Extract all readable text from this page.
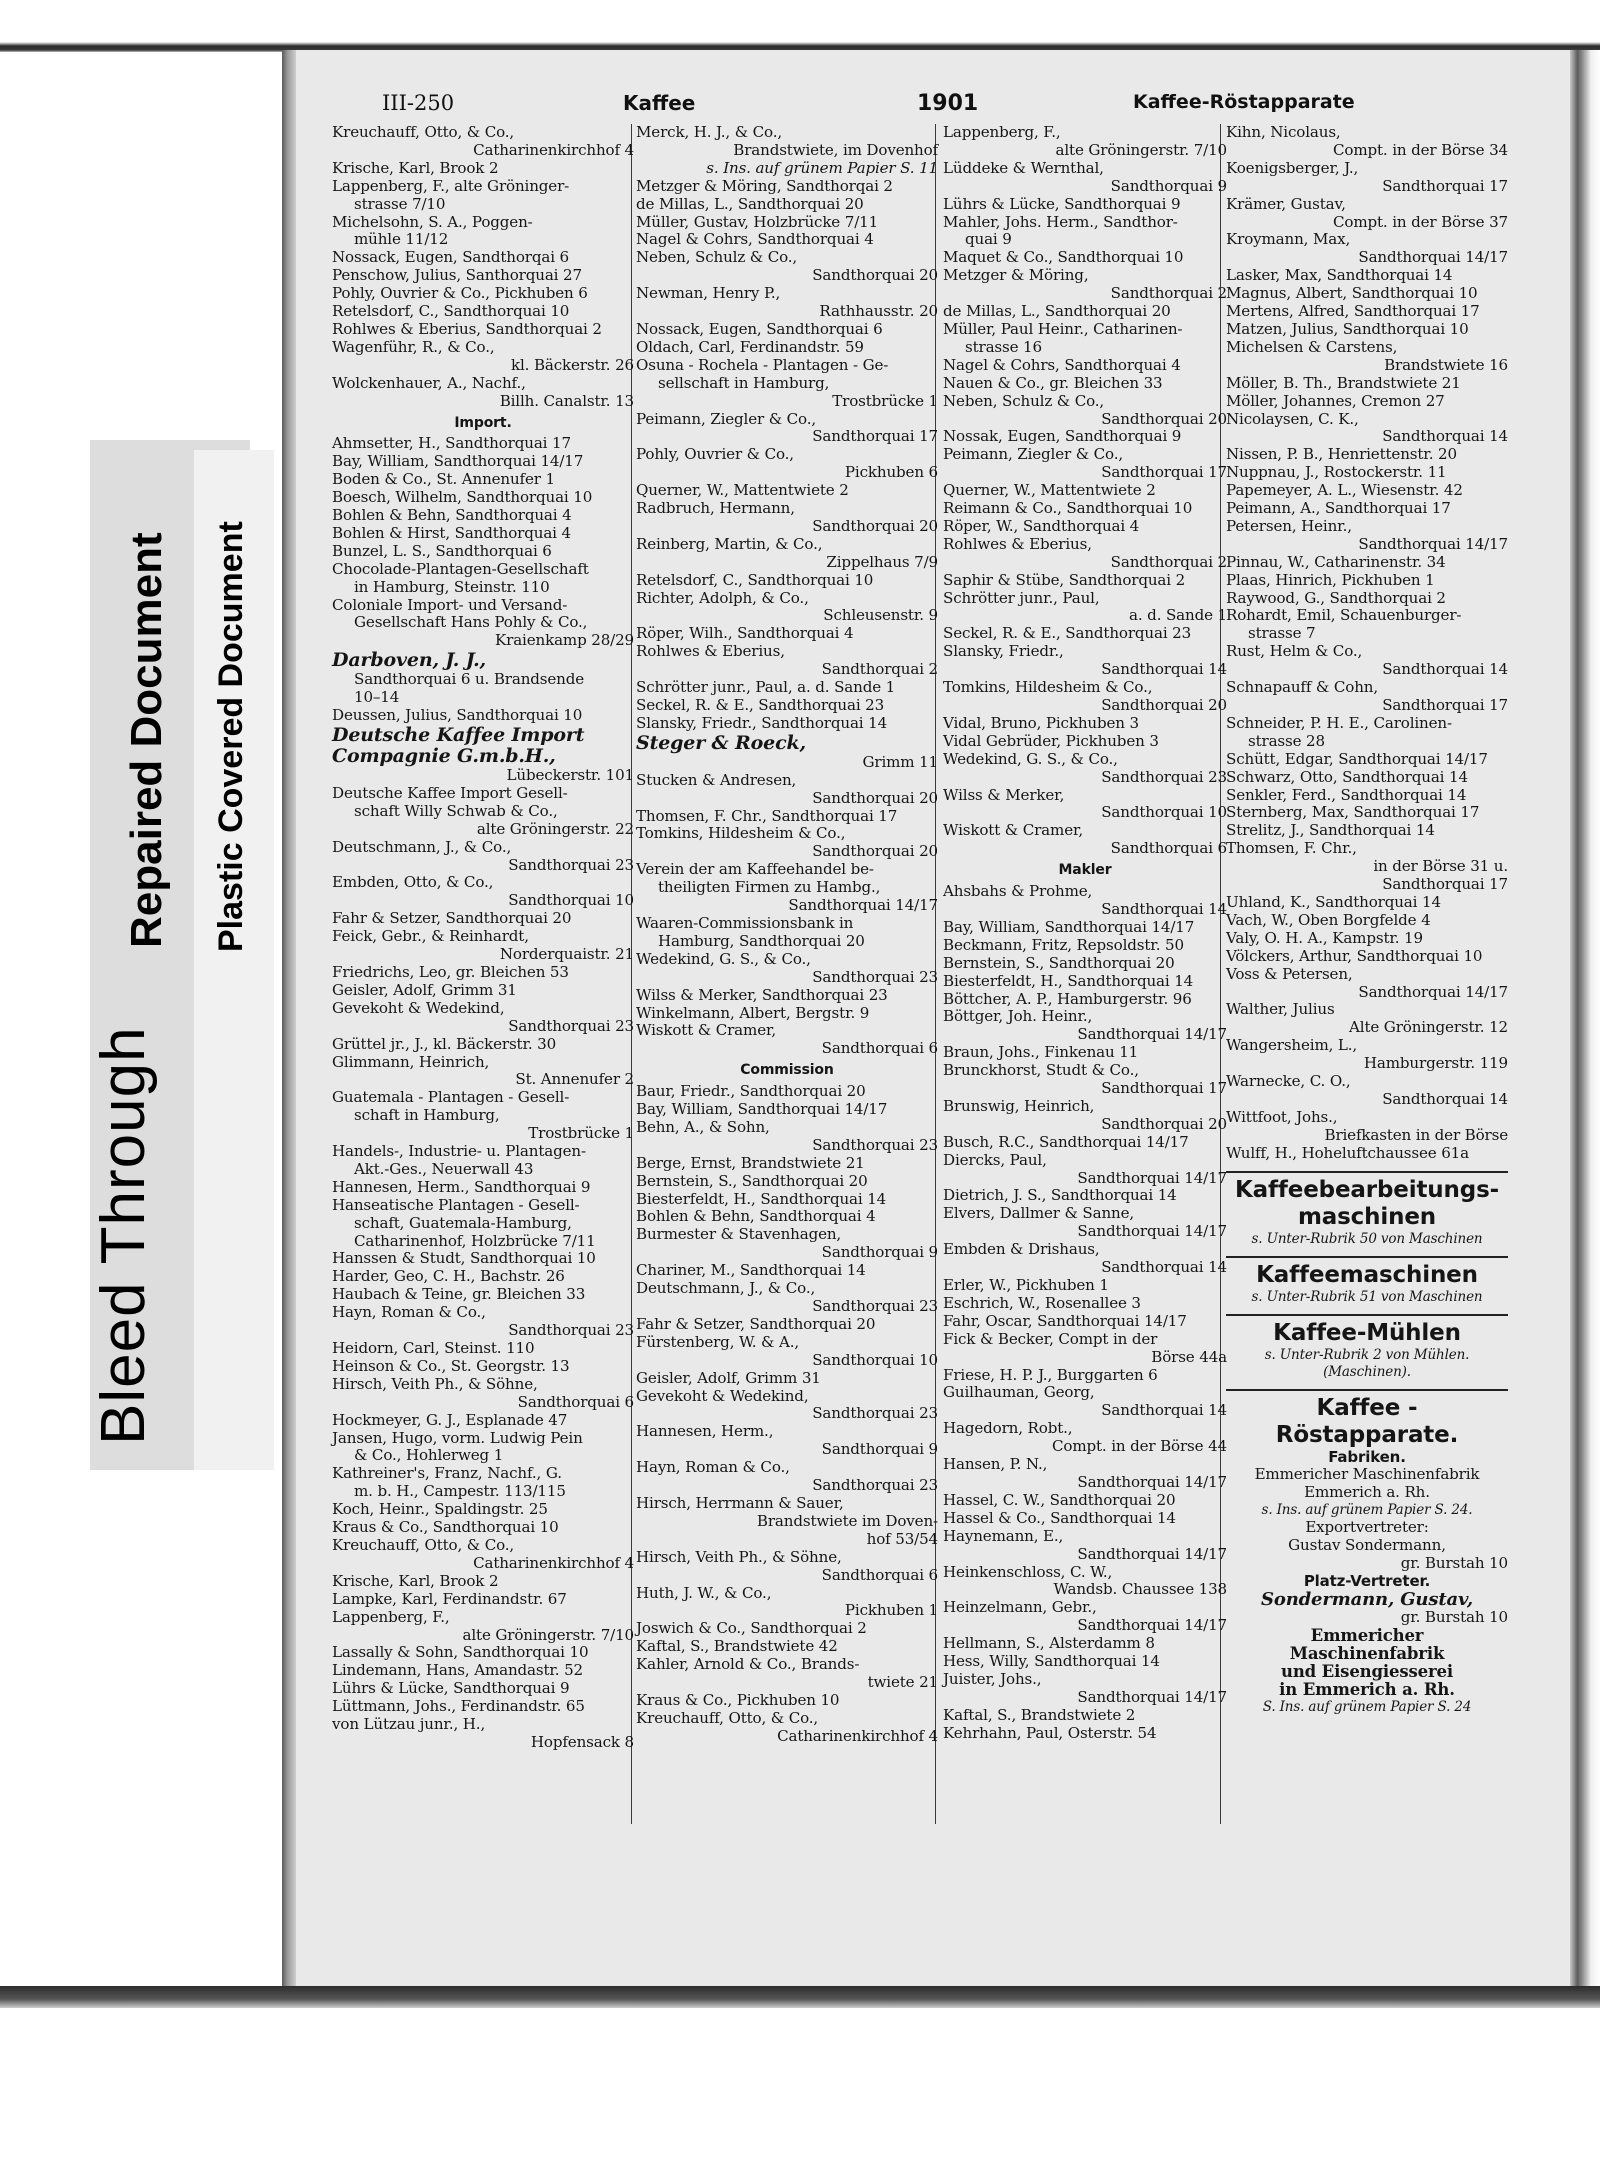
Bleed Through
Repaired Document Plastic Covered Document
III-250	Kaffee	1901	Kaffee-Röstapparate
Kreuchauff, Otto, & Co.,
Catharinenkirchhof 4
Krische, Karl, Brook 2
Lappenberg, F., alte Gröninger-
strasse 7/10
Michelsohn, S. A., Poggen-
mühle 11/12
Nossack, Eugen, Sandthorqai 6
Penschow, Julius, Santhorquai 27
Pohly, Ouvrier & Co., Pickhuben 6
Retelsdorf, C., Sandthorquai 10
Rohlwes & Eberius, Sandthorquai 2
Wagenführ, R., & Co.,
kl. Bäckerstr. 26
Wolckenhauer, A., Nachf.,
Billh. Canalstr. 13
Import.
Ahmsetter, H., Sandthorquai 17
Bay, William, Sandthorquai 14/17
Boden & Co., St. Annenufer 1
Boesch, Wilhelm, Sandthorquai 10
Bohlen & Behn, Sandthorquai 4
Bohlen & Hirst, Sandthorquai 4
Bunzel, L. S., Sandthorquai 6
Chocolade-Plantagen-Gesellschaft
in Hamburg, Steinstr. 110
Coloniale Import- und Versand-
Gesellschaft Hans Pohly & Co.,
Kraienkamp 28/29
Darboven, J. J.,
Sandthorquai 6 u. Brandsende
10–14
Deussen, Julius, Sandthorquai 10
Deutsche Kaffee Import
Compagnie G.m.b.H.,
Lübeckerstr. 101
Deutsche Kaffee Import Gesell-
schaft Willy Schwab & Co.,
alte Gröningerstr. 22
Deutschmann, J., & Co.,
Sandthorquai 23
Embden, Otto, & Co.,
Sandthorquai 10
Fahr & Setzer, Sandthorquai 20
Feick, Gebr., & Reinhardt,
Norderquaistr. 21
Friedrichs, Leo, gr. Bleichen 53
Geisler, Adolf, Grimm 31
Gevekoht & Wedekind,
Sandthorquai 23
Grüttel jr., J., kl. Bäckerstr. 30
Glimmann, Heinrich,
St. Annenufer 2
Guatemala - Plantagen - Gesell-
schaft in Hamburg,
Trostbrücke 1
Handels-, Industrie- u. Plantagen-
Akt.-Ges., Neuerwall 43
Hannesen, Herm., Sandthorquai 9
Hanseatische Plantagen - Gesell-
schaft, Guatemala-Hamburg,
Catharinenhof, Holzbrücke 7/11
Hanssen & Studt, Sandthorquai 10
Harder, Geo, C. H., Bachstr. 26
Haubach & Teine, gr. Bleichen 33
Hayn, Roman & Co.,
Sandthorquai 23
Heidorn, Carl, Steinst. 110
Heinson & Co., St. Georgstr. 13
Hirsch, Veith Ph., & Söhne,
Sandthorquai 6
Hockmeyer, G. J., Esplanade 47
Jansen, Hugo, vorm. Ludwig Pein
& Co., Hohlerweg 1
Kathreiner's, Franz, Nachf., G.
m. b. H., Campestr. 113/115
Koch, Heinr., Spaldingstr. 25
Kraus & Co., Sandthorquai 10
Kreuchauff, Otto, & Co.,
Catharinenkirchhof 4
Krische, Karl, Brook 2
Lampke, Karl, Ferdinandstr. 67
Lappenberg, F.,
alte Gröningerstr. 7/10
Lassally & Sohn, Sandthorquai 10
Lindemann, Hans, Amandastr. 52
Lührs & Lücke, Sandthorquai 9
Lüttmann, Johs., Ferdinandstr. 65
von Lützau junr., H.,
Hopfensack 8
Merck, H. J., & Co.,
Brandstwiete, im Dovenhof
s. Ins. auf grünem Papier S. 11
Metzger & Möring, Sandthorqai 2
de Millas, L., Sandthorquai 20
Müller, Gustav, Holzbrücke 7/11
Nagel & Cohrs, Sandthorquai 4
Neben, Schulz & Co.,
Sandthorquai 20
Newman, Henry P.,
Rathhausstr. 20
Nossack, Eugen, Sandthorquai 6
Oldach, Carl, Ferdinandstr. 59
Osuna - Rochela - Plantagen - Ge-
sellschaft in Hamburg,
Trostbrücke 1
Peimann, Ziegler & Co.,
Sandthorquai 17
Pohly, Ouvrier & Co.,
Pickhuben 6
Querner, W., Mattentwiete 2
Radbruch, Hermann,
Sandthorquai 20
Reinberg, Martin, & Co.,
Zippelhaus 7/9
Retelsdorf, C., Sandthorquai 10
Richter, Adolph, & Co.,
Schleusenstr. 9
Röper, Wilh., Sandthorquai 4
Rohlwes & Eberius,
Sandthorquai 2
Schrötter junr., Paul, a. d. Sande 1
Seckel, R. & E., Sandthorquai 23
Slansky, Friedr., Sandthorquai 14
Steger & Roeck,
Grimm 11
Stucken & Andresen,
Sandthorquai 20
Thomsen, F. Chr., Sandthorquai 17
Tomkins, Hildesheim & Co.,
Sandthorquai 20
Verein der am Kaffeehandel be-
theiligten Firmen zu Hambg.,
Sandthorquai 14/17
Waaren-Commissionsbank in
Hamburg, Sandthorquai 20
Wedekind, G. S., & Co.,
Sandthorquai 23
Wilss & Merker, Sandthorquai 23
Winkelmann, Albert, Bergstr. 9
Wiskott & Cramer,
Sandthorquai 6
Commission
Baur, Friedr., Sandthorquai 20
Bay, William, Sandthorquai 14/17
Behn, A., & Sohn,
Sandthorquai 23
Berge, Ernst, Brandstwiete 21
Bernstein, S., Sandthorquai 20
Biesterfeldt, H., Sandthorquai 14
Bohlen & Behn, Sandthorquai 4
Burmester & Stavenhagen,
Sandthorquai 9
Chariner, M., Sandthorquai 14
Deutschmann, J., & Co.,
Sandthorquai 23
Fahr & Setzer, Sandthorquai 20
Fürstenberg, W. & A.,
Sandthorquai 10
Geisler, Adolf, Grimm 31
Gevekoht & Wedekind,
Sandthorquai 23
Hannesen, Herm.,
Sandthorquai 9
Hayn, Roman & Co.,
Sandthorquai 23
Hirsch, Herrmann & Sauer,
Brandstwiete im Doven-
hof 53/54
Hirsch, Veith Ph., & Söhne,
Sandthorquai 6
Huth, J. W., & Co.,
Pickhuben 1
Joswich & Co., Sandthorquai 2
Kaftal, S., Brandstwiete 42
Kahler, Arnold & Co., Brands-
twiete 21
Kraus & Co., Pickhuben 10
Kreuchauff, Otto, & Co.,
Catharinenkirchhof 4
Lappenberg, F.,
alte Gröningerstr. 7/10
Lüddeke & Wernthal,
Sandthorquai 9
Lührs & Lücke, Sandthorquai 9
Mahler, Johs. Herm., Sandthor-
quai 9
Maquet & Co., Sandthorquai 10
Metzger & Möring,
Sandthorquai 2
de Millas, L., Sandthorquai 20
Müller, Paul Heinr., Catharinen-
strasse 16
Nagel & Cohrs, Sandthorquai 4
Nauen & Co., gr. Bleichen 33
Neben, Schulz & Co.,
Sandthorquai 20
Nossak, Eugen, Sandthorquai 9
Peimann, Ziegler & Co.,
Sandthorquai 17
Querner, W., Mattentwiete 2
Reimann & Co., Sandthorquai 10
Röper, W., Sandthorquai 4
Rohlwes & Eberius,
Sandthorquai 2
Saphir & Stübe, Sandthorquai 2
Schrötter junr., Paul,
a. d. Sande 1
Seckel, R. & E., Sandthorquai 23
Slansky, Friedr.,
Sandthorquai 14
Tomkins, Hildesheim & Co.,
Sandthorquai 20
Vidal, Bruno, Pickhuben 3
Vidal Gebrüder, Pickhuben 3
Wedekind, G. S., & Co.,
Sandthorquai 23
Wilss & Merker,
Sandthorquai 10
Wiskott & Cramer,
Sandthorquai 6
Makler
Ahsbahs & Prohme,
Sandthorquai 14
Bay, William, Sandthorquai 14/17
Beckmann, Fritz, Repsoldstr. 50
Bernstein, S., Sandthorquai 20
Biesterfeldt, H., Sandthorquai 14
Böttcher, A. P., Hamburgerstr. 96
Böttger, Joh. Heinr.,
Sandthorquai 14/17
Braun, Johs., Finkenau 11
Brunckhorst, Studt & Co.,
Sandthorquai 17
Brunswig, Heinrich,
Sandthorquai 20
Busch, R.C., Sandthorquai 14/17
Diercks, Paul,
Sandthorquai 14/17
Dietrich, J. S., Sandthorquai 14
Elvers, Dallmer & Sanne,
Sandthorquai 14/17
Embden & Drishaus,
Sandthorquai 14
Erler, W., Pickhuben 1
Eschrich, W., Rosenallee 3
Fahr, Oscar, Sandthorquai 14/17
Fick & Becker, Compt in der
Börse 44a
Friese, H. P. J., Burggarten 6
Guilhauman, Georg,
Sandthorquai 14
Hagedorn, Robt.,
Compt. in der Börse 44
Hansen, P. N.,
Sandthorquai 14/17
Hassel, C. W., Sandthorquai 20
Hassel & Co., Sandthorquai 14
Haynemann, E.,
Sandthorquai 14/17
Heinkenschloss, C. W.,
Wandsb. Chaussee 138
Heinzelmann, Gebr.,
Sandthorquai 14/17
Hellmann, S., Alsterdamm 8
Hess, Willy, Sandthorquai 14
Juister, Johs.,
Sandthorquai 14/17
Kaftal, S., Brandstwiete 2
Kehrhahn, Paul, Osterstr. 54
Kihn, Nicolaus,
Compt. in der Börse 34
Koenigsberger, J.,
Sandthorquai 17
Krämer, Gustav,
Compt. in der Börse 37
Kroymann, Max,
Sandthorquai 14/17
Lasker, Max, Sandthorquai 14
Magnus, Albert, Sandthorquai 10
Mertens, Alfred, Sandthorquai 17
Matzen, Julius, Sandthorquai 10
Michelsen & Carstens,
Brandstwiete 16
Möller, B. Th., Brandstwiete 21
Möller, Johannes, Cremon 27
Nicolaysen, C. K.,
Sandthorquai 14
Nissen, P. B., Henriettenstr. 20
Nuppnau, J., Rostockerstr. 11
Papemeyer, A. L., Wiesenstr. 42
Peimann, A., Sandthorquai 17
Petersen, Heinr.,
Sandthorquai 14/17
Pinnau, W., Catharinenstr. 34
Plaas, Hinrich, Pickhuben 1
Raywood, G., Sandthorquai 2
Rohardt, Emil, Schauenburger-
strasse 7
Rust, Helm & Co.,
Sandthorquai 14
Schnapauff & Cohn,
Sandthorquai 17
Schneider, P. H. E., Carolinen-
strasse 28
Schütt, Edgar, Sandthorquai 14/17
Schwarz, Otto, Sandthorquai 14
Senkler, Ferd., Sandthorquai 14
Sternberg, Max, Sandthorquai 17
Strelitz, J., Sandthorquai 14
Thomsen, F. Chr.,
in der Börse 31 u.
Sandthorquai 17
Uhland, K., Sandthorquai 14
Vach, W., Oben Borgfelde 4
Valy, O. H. A., Kampstr. 19
Völckers, Arthur, Sandthorquai 10
Voss & Petersen,
Sandthorquai 14/17
Walther, Julius
Alte Gröningerstr. 12
Wangersheim, L.,
Hamburgerstr. 119
Warnecke, C. O.,
Sandthorquai 14
Wittfoot, Johs.,
Briefkasten in der Börse
Wulff, H., Hoheluftchaussee 61a
Kaffeebearbeitungs-
maschinen
s. Unter-Rubrik 50 von Maschinen
Kaffeemaschinen
s. Unter-Rubrik 51 von Maschinen
Kaffee-Mühlen
s. Unter-Rubrik 2 von Mühlen.
(Maschinen).
Kaffee - Röstapparate.
Fabriken.
Emmericher Maschinenfabrik
Emmerich a. Rh.
s. Ins. auf grünem Papier S. 24.
Exportvertreter:
Gustav Sondermann,
gr. Burstah 10
Platz-Vertreter.
Sondermann, Gustav,
gr. Burstah 10
Emmericher
Maschinenfabrik
und Eisengiesserei
in Emmerich a. Rh.
S. Ins. auf grünem Papier S. 24
